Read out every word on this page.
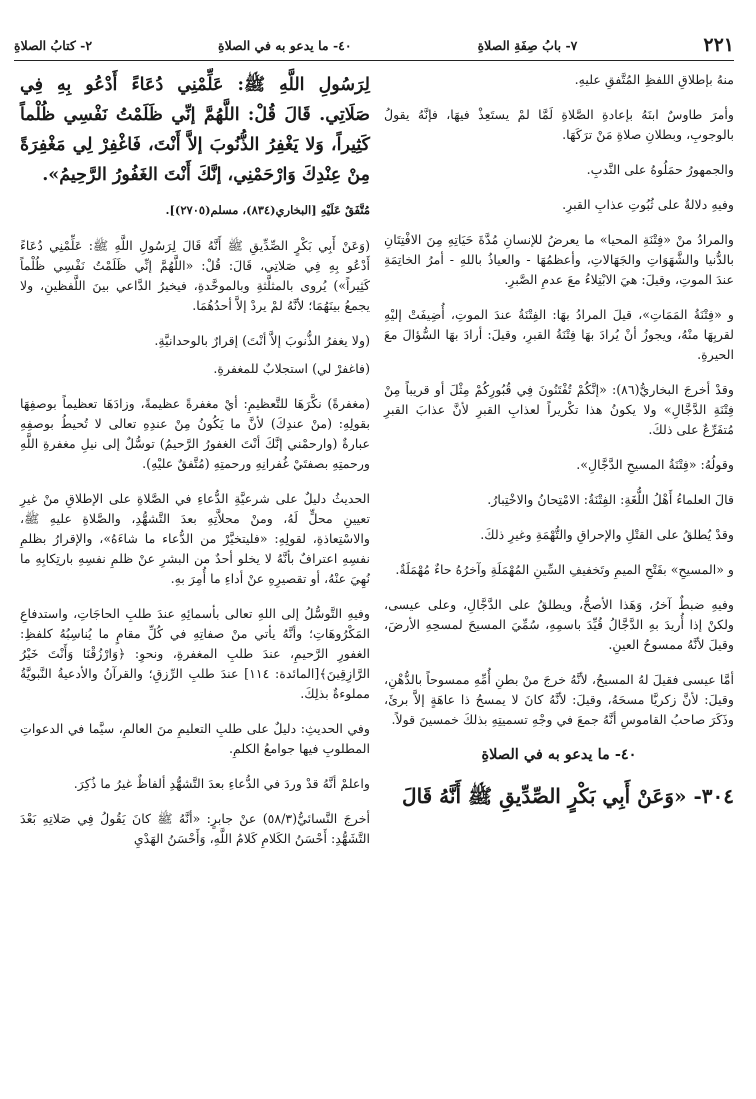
٢٢١
٧- بابُ صِفَةِ الصلاةِ
٤٠- ما يدعو به في الصلاةِ
٢- كتابُ الصلاةِ

منهُ بإطلاقِ اللفظِ المُتَّفقِ عليهِ.

وأمرَ طاوسٌ ابنَهُ بإعادةِ الصَّلاةِ لَمَّا لمْ يستَعِذْ فيهَا، فإنَّهُ يقولُ بالوجوبِ، وبطلانِ صلاةِ مَنْ ترَكَهَا.

والجمهورُ حمَلُوهُ على النَّدبِ.

وفيهِ دلالةٌ على ثُبُوتِ عذابِ القبرِ.

والمرادُ منْ «فِتْنَةِ المحيا» ما يعرضُ للإنسانِ مُدَّةَ حَيَاتِهِ مِنَ الافْتِتَانِ بالدُّنيا والشَّهَوَاتِ والجَهَالاتِ، وأعظمُهَا - والعياذُ باللهِ - أمرُ الخاتِمَةِ عندَ الموتِ، وقيلَ: هيَ الابْتِلاءُ معَ عدمِ الصَّبرِ.

و «فِتْنَةُ المَمَاتِ»، قيلَ المرادُ بهَا: الفِتْنَةُ عندَ الموتِ، أُضِيفَتْ إليْهِ لقربِهَا منْهُ، ويجوزُ أنْ يُرادَ بهَا فِتْنَةُ القبرِ، وقيلَ: أرادَ بهَا السُّؤالَ معَ الحيرةِ.

وقدْ أخرجَ البخاريُّ(٨٦): «إنَّكُمْ تُفْتَنُونَ فِي قُبُورِكُمْ مِثْلَ أو قريباً مِنْ فِتْنَةِ الدَّجَّالِ» ولا يكونُ هذا تكْريراً لعذابِ القبرِ لأنَّ عذابَ القبرِ مُتفَرِّعٌ على ذلكَ.

وقولُهُ: «فِتْنَةُ المسيحِ الدَّجَّالِ».

قالَ العلماءُ أَهْلُ اللُّغَةِ: الفِتْنَةُ: الامْتِحانُ والاخْتِبارُ.

وقدْ يُطلقُ على القتْلِ والإحراقِ والتُّهْمَةِ وغيرِ ذلكَ.

و «المسيحِ» بفَتْحِ الميمِ وتَخفيفِ السِّينِ المُهْمَلَةِ وآخرُهُ حاءٌ مُهْمَلَةٌ.

وفيهِ ضبطٌ آخرُ، وَهَذا الأصحُّ، ويطلقُ على الدَّجَّالِ، وعلى عيسى، ولكنْ إذا أُريدَ بهِ الدَّجَّالُ قُيِّدَ باسمِهِ، سُمِّيَ المسيحَ لمسحِهِ الأرضَ، وقيلَ لأنَّهُ ممسوحُ العينِ.

أمَّا عيسى فقيلَ لهُ المسيحُ، لأنَّهُ خرجَ منْ بطنِ أُمِّهِ ممسوحاً بالدُّهْنِ، وقيلَ: لأنَّ زكريَّا مسحَهُ، وقيلَ: لأنَّهُ كانَ لا يمسحُ ذا عاهَةٍ إلاَّ برئَ، وذَكَرَ صاحبُ القاموسِ أنَّهُ جمعَ في وجْهِ تسميتِهِ بذلكَ خمسينَ قولاً.

٤٠- ما يدعو به في الصلاةِ

٣٠٤- «وَعَنْ أَبِي بَكْرٍ الصِّدِّيقِ ﷺ أَنَّهُ قَالَ

لِرَسُولِ اللَّهِ ﷺ: عَلِّمْنِي دُعَاءً أَدْعُو بِهِ فِي صَلَاتِي. قَالَ قُلْ: اللَّهُمَّ إنِّي ظَلَمْتُ نَفْسِي ظُلْماً كَثِيراً، وَلا يَغْفِرُ الذُّنُوبَ إلاَّ أَنْتَ، فَاغْفِرْ لِي مَغْفِرَةً مِنْ عِنْدِكَ وَارْحَمْنِي، إنَّكَ أَنْتَ الغَفُورُ الرَّحِيمُ».

مُتَّفَقٌ عَلَيْهِ [البخاري(٨٣٤)، مسلم(٢٧٠٥)].

(وَعَنْ أَبِي بَكْرٍ الصِّدِّيقِ ﷺ أَنَّهُ قَالَ لِرَسُولِ اللَّهِ ﷺ: عَلِّمْنِي دُعَاءً أَدْعُو بِهِ فِي صَلاتِي، قَالَ: قُلْ: «اللَّهُمَّ إنِّي ظَلَمْتُ نَفْسِي ظُلْماً كَثِيراً») يُروى بالمثلَّثةِ وبالموحَّدةِ، فيخيرُ الدَّاعي بينَ اللَّفظينِ، ولا يجمعُ بينَهُمَا؛ لأنَّهُ لمْ يردْ إلاَّ أحدُهُمَا.

(ولا يغفرُ الذُّنوبَ إلاَّ أنْتَ) إقرارٌ بالوحدانيَّةِ.

(فاغفرْ لي) استجلابٌ للمغفرةِ.

(مغفرةً) نكَّرَهَا للتَّعظيمِ: أيْ مغفرةً عظيمةً، وزادَهَا تعظيماً بوصفِهَا بقولِهِ: (منْ عندِكَ) لأنَّ ما يَكُونُ مِنْ عندِهِ تعالى لا تُحيطُ بوصفِهِ عبارةٌ (وارحمْني إنَّكَ أنْتَ الغفورُ الرَّحيمُ) توسُّلٌ إلى نيلِ مغفرةِ اللَّهِ ورحمتِهِ بصفتَيْ غُفرانِهِ ورحمتِهِ (مُتَّفقٌ عليْهِ).

الحديثُ دليلٌ على شرعيَّةِ الدُّعاءِ في الصَّلاةِ على الإطلاقِ منْ غيرِ تعيينِ محلٍّ لَهُ، ومنْ محلاَّتِهِ بعدَ التَّشهُّدِ، والصَّلاةِ عليهِ ﷺ، والاسْتِعاذةِ، لقولِهِ: «فليتخيَّرْ من الدُّعاء ما شاءَهُ»، والإقرارُ بظلمِ نفسِهِ اعترافٌ بأنَّهُ لا يخلو أحدٌ من البشرِ عنْ ظلمِ نفسِهِ بارتِكابِهِ ما نُهِيَ عنْهُ، أو تقصيرِهِ عنْ أداءِ ما أُمِرَ بهِ.

وفيهِ التَّوسُّلُ إلى اللهِ تعالى بأسمائِهِ عندَ طلبِ الحاجَاتِ، واستدفاعِ المَكْرُوهَاتِ؛ وأنَّهُ يأتي منْ صفاتِهِ في كُلِّ مقامٍ ما يُناسِبُهُ كلفظِ: الغفورِ الرَّحيمِ، عندَ طلبِ المغفرةِ، ونحوِ: ﴿وَارْزُقْنَا وَأَنْتَ خَيْرُ الرَّازِقِينَ﴾[المائدة: ١١٤] عندَ طلبِ الرِّزقِ؛ والقرآنُ والأدعيةُ النَّبويَّةُ مملوءةٌ بذلِكَ.

وفي الحديثِ: دليلٌ على طلبِ التعليمِ منَ العالمِ، سيَّما في الدعواتِ المطلوبِ فيها جوامعُ الكلمِ.

واعلمْ أنَّهُ قدْ وردَ في الدُّعاءِ بعدَ التَّشهُّدِ ألفاظٌ غيرُ ما ذُكِرَ.

أخرجَ النَّسائيُّ(٥٨/٣) عنْ جابرٍ: «أنَّهُ ﷺ كانَ يَقُولُ فِي صَلاتِهِ بَعْدَ التَّشَهُّدِ: أَحْسَنُ الكَلامِ كَلامُ اللَّهِ، وَأَحْسَنُ الهَدْيِ
